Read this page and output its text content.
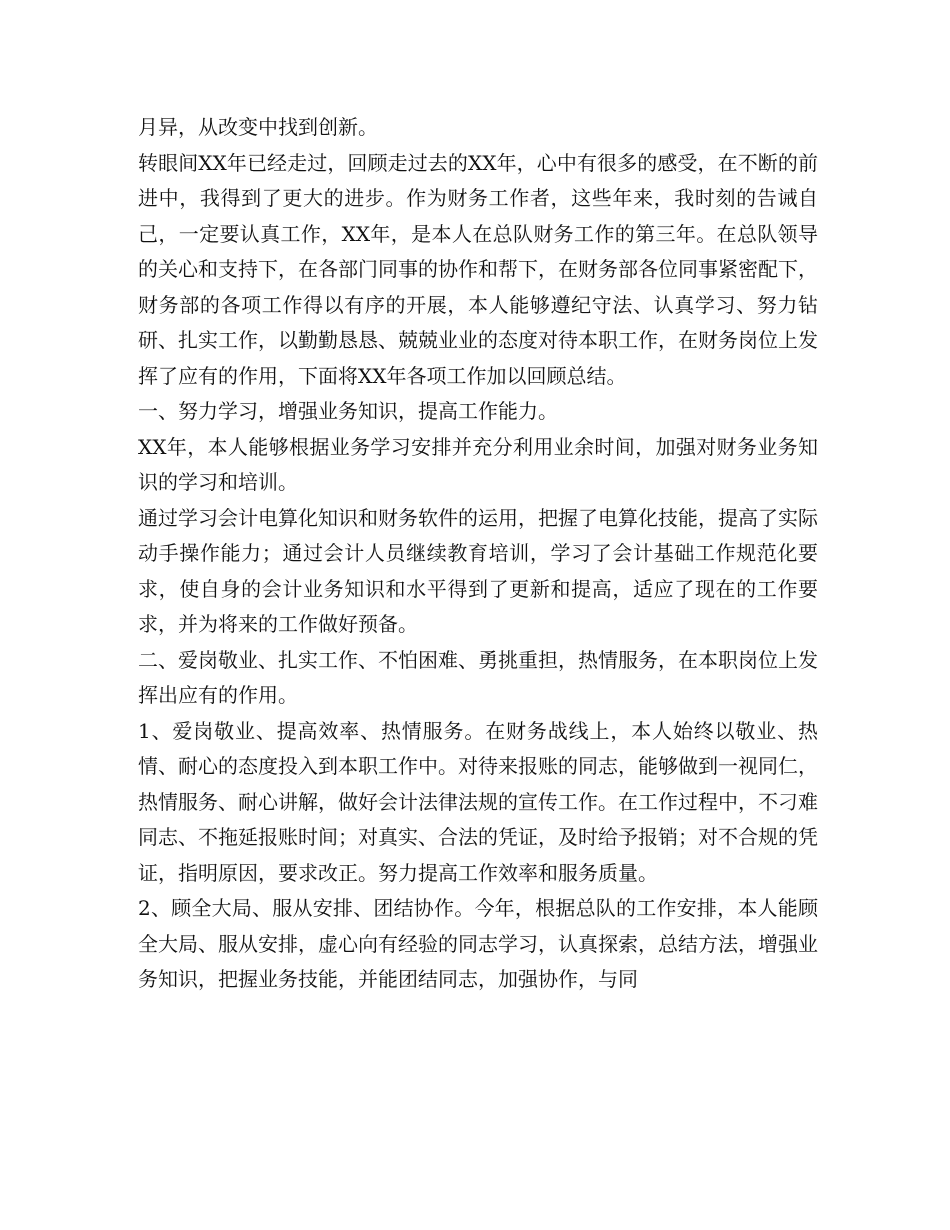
月异，从改变中找到创新。

转眼间XX年已经走过，回顾走过去的XX年，心中有很多的感受，在不断的前进中，我得到了更大的进步。作为财务工作者，这些年来，我时刻的告诫自己，一定要认真工作，XX年，是本人在总队财务工作的第三年。在总队领导的关心和支持下，在各部门同事的协作和帮下，在财务部各位同事紧密配下，财务部的各项工作得以有序的开展，本人能够遵纪守法、认真学习、努力钻研、扎实工作，以勤勤恳恳、兢兢业业的态度对待本职工作，在财务岗位上发挥了应有的作用，下面将XX年各项工作加以回顾总结。

一、努力学习，增强业务知识，提高工作能力。

XX年，本人能够根据业务学习安排并充分利用业余时间，加强对财务业务知识的学习和培训。

通过学习会计电算化知识和财务软件的运用，把握了电算化技能，提高了实际动手操作能力；通过会计人员继续教育培训，学习了会计基础工作规范化要求，使自身的会计业务知识和水平得到了更新和提高，适应了现在的工作要求，并为将来的工作做好预备。

二、爱岗敬业、扎实工作、不怕困难、勇挑重担，热情服务，在本职岗位上发挥出应有的作用。

1、爱岗敬业、提高效率、热情服务。在财务战线上，本人始终以敬业、热情、耐心的态度投入到本职工作中。对待来报账的同志，能够做到一视同仁，热情服务、耐心讲解，做好会计法律法规的宣传工作。在工作过程中，不刁难同志、不拖延报账时间；对真实、合法的凭证，及时给予报销；对不合规的凭证，指明原因，要求改正。努力提高工作效率和服务质量。

2、顾全大局、服从安排、团结协作。今年，根据总队的工作安排，本人能顾全大局、服从安排，虚心向有经验的同志学习，认真探索，总结方法，增强业务知识，把握业务技能，并能团结同志，加强协作，与同
